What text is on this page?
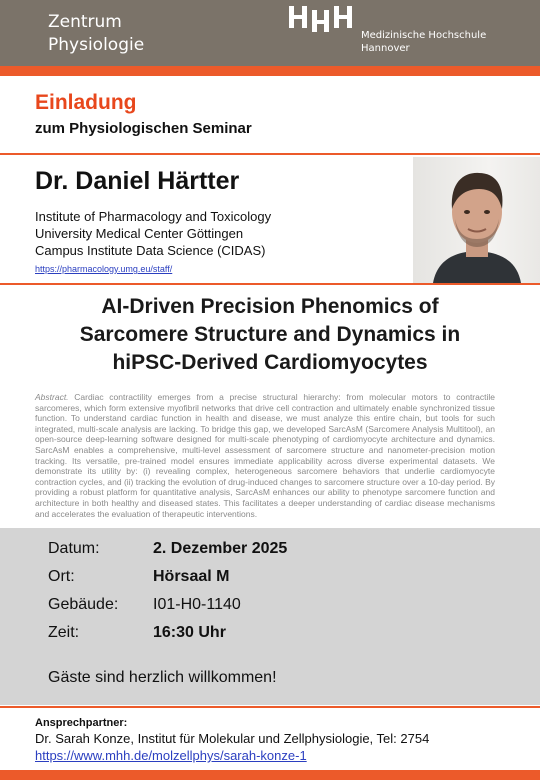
Zentrum
Physiologie	Medizinische Hochschule
Hannover
Einladung
zum Physiologischen Seminar
Dr. Daniel Härtter
Institute of Pharmacology and Toxicology
University Medical Center Göttingen
Campus Institute Data Science (CIDAS)
https://pharmacology.umg.eu/staff/
AI-Driven Precision Phenomics of
Sarcomere Structure and Dynamics in
hiPSC-Derived Cardiomyocytes

Abstract. Cardiac contractility emerges from a precise structural hierarchy: from molecular motors to contractile sarcomeres, which form extensive myofibril networks that drive cell contraction and ultimately enable synchronized tissue function. To understand cardiac function in health and disease, we must analyze this entire chain, but tools for such integrated, multi-scale analysis are lacking. To bridge this gap, we developed SarcAsM (Sarcomere Analysis Multitool), an open-source deep-learning software designed for multi-scale phenotyping of cardiomyocyte architecture and dynamics. SarcAsM enables a comprehensive, multi-level assessment of sarcomere structure and nanometer-precision motion tracking. Its versatile, pre-trained model ensures immediate applicability across diverse experimental datasets. We demonstrate its utility by: (i) revealing complex, heterogeneous sarcomere behaviors that underlie cardiomyocyte contraction cycles, and (ii) tracking the evolution of drug-induced changes to sarcomere structure over a 10-day period. By providing a robust platform for quantitative analysis, SarcAsM enhances our ability to phenotype sarcomere function and architecture in both healthy and diseased states. This facilitates a deeper understanding of cardiac disease mechanisms and accelerates the evaluation of therapeutic interventions.

Datum:	2. Dezember 2025
Ort:	Hörsaal M
Gebäude: I01-H0-1140
Zeit:	16:30 Uhr
Gäste sind herzlich willkommen!
Ansprechpartner:
Dr. Sarah Konze, Institut für Molekular und Zellphysiologie, Tel: 2754
https://www.mhh.de/molzellphys/sarah-konze-1
